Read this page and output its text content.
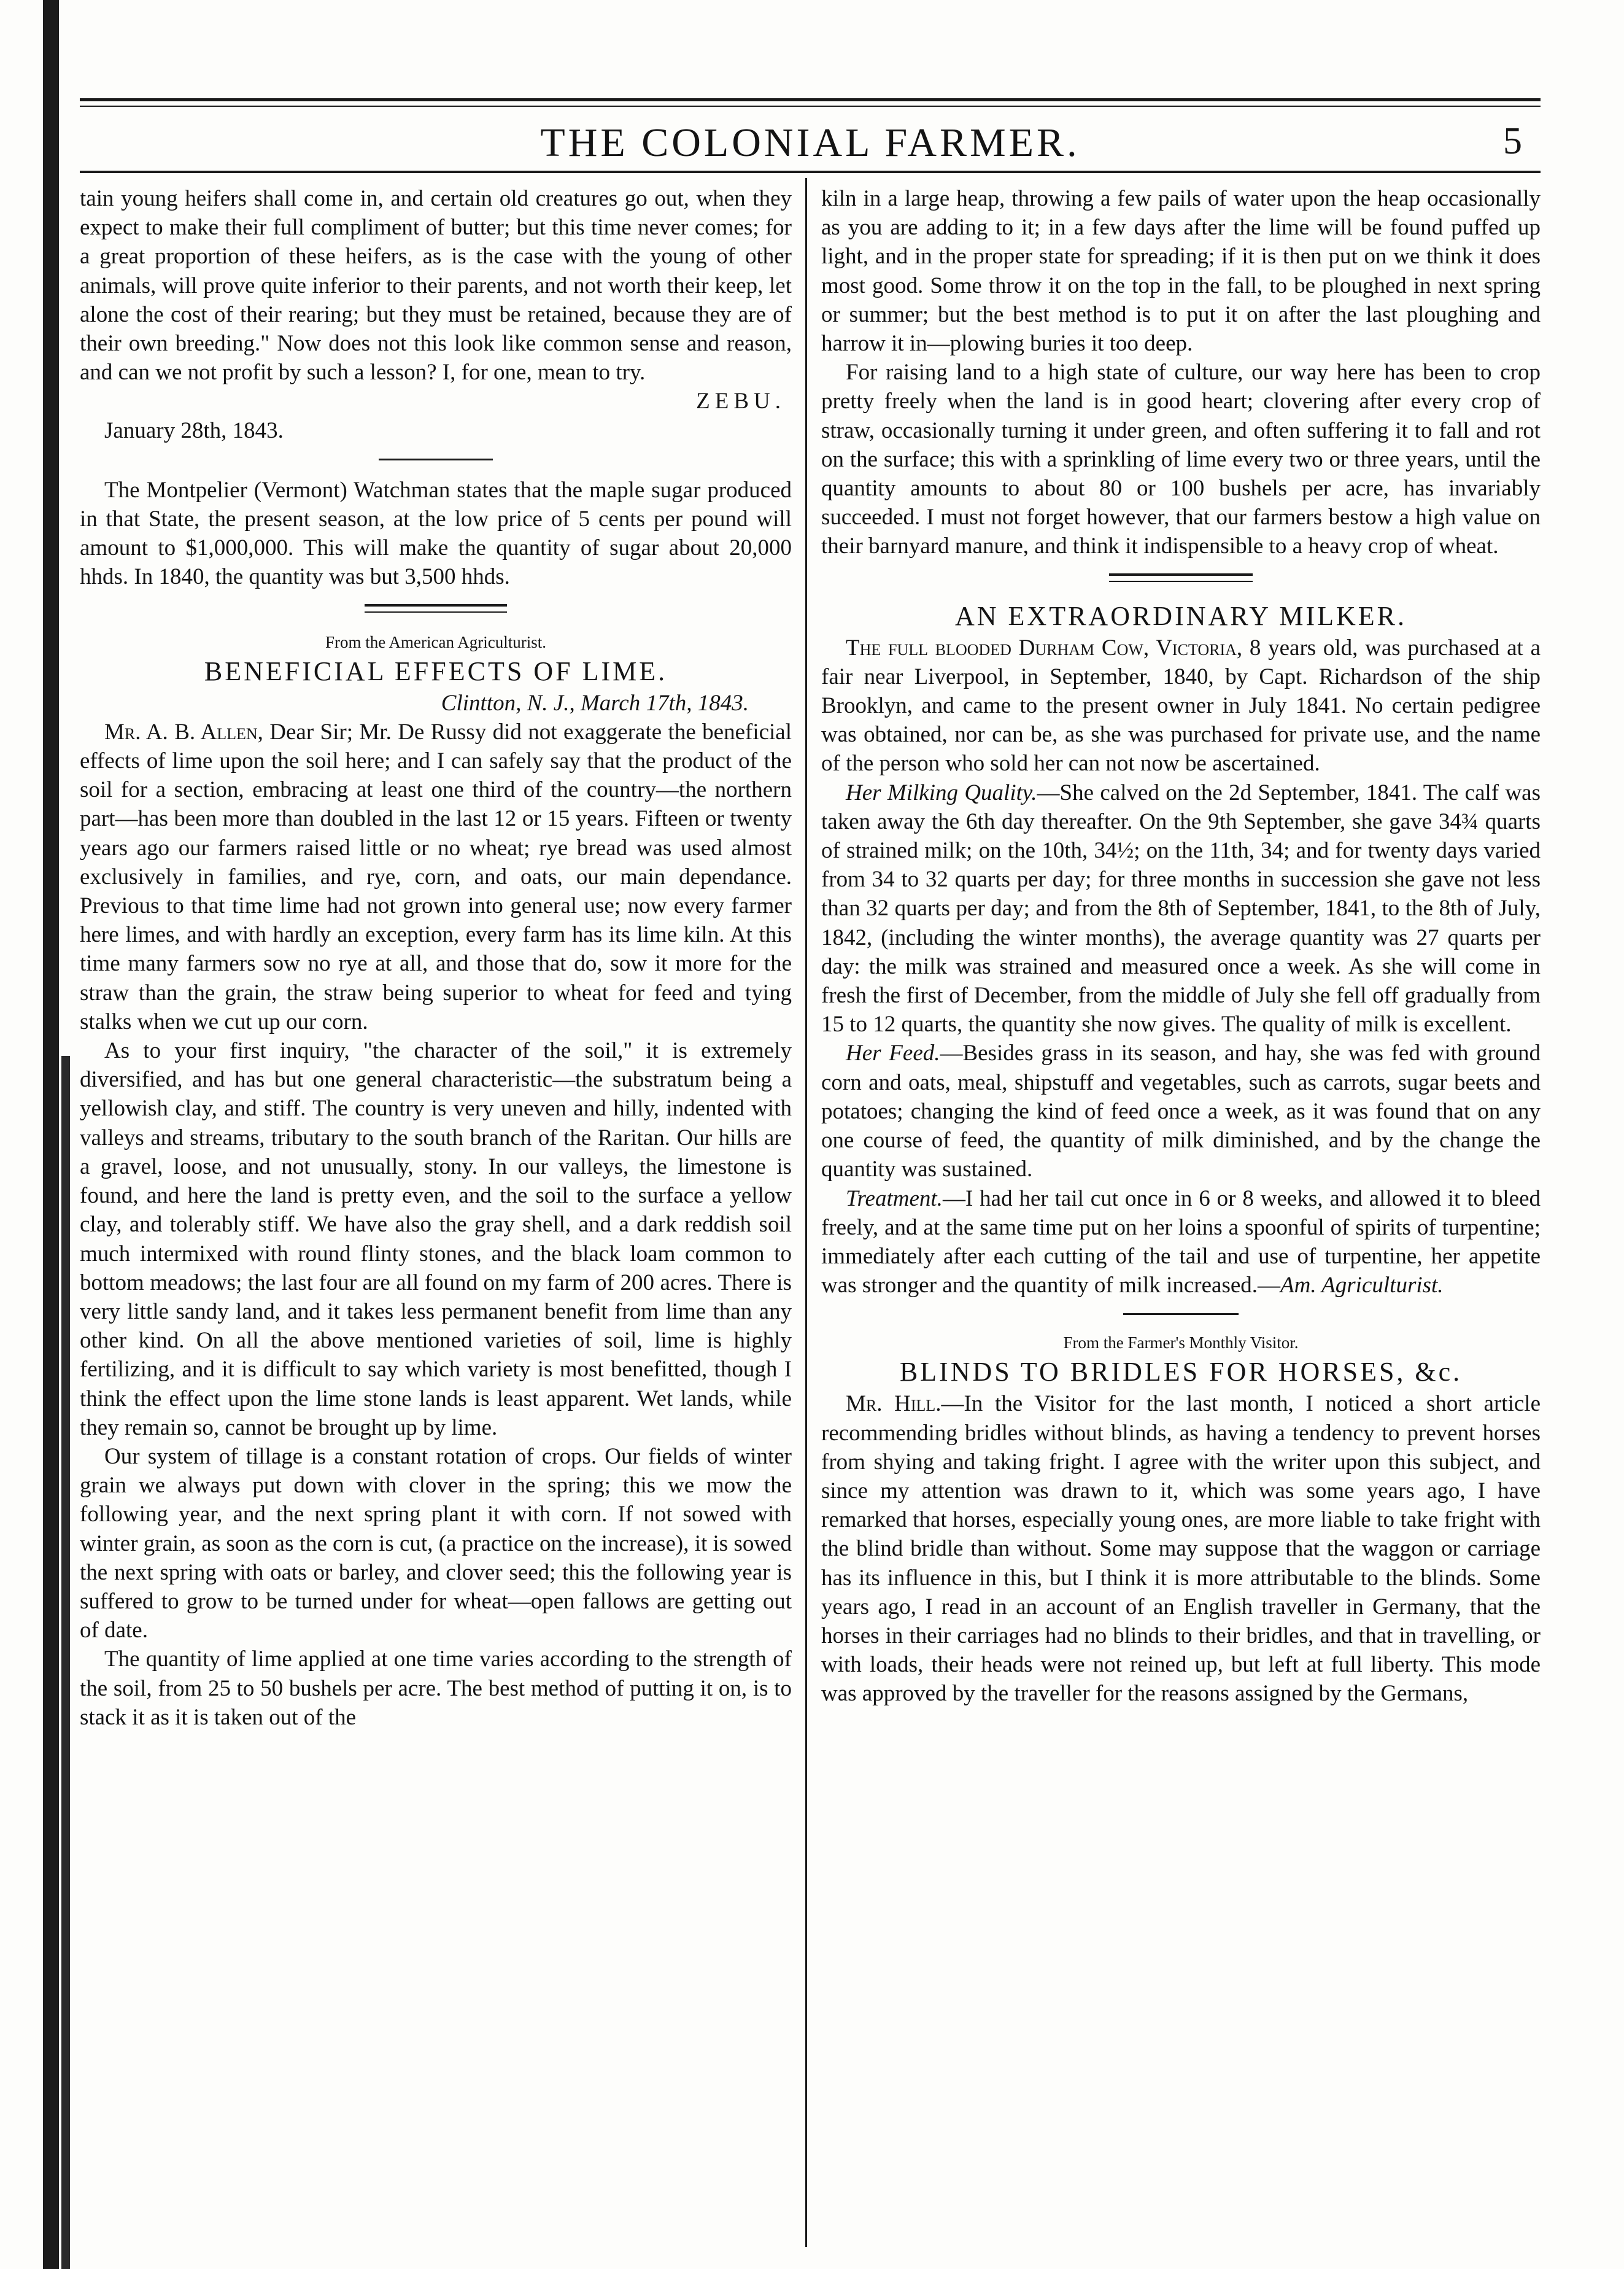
THE COLONIAL FARMER.	5

tain young heifers shall come in, and certain old creatures go out, when they expect to make their full compliment of butter; but this time never comes; for a great proportion of these heifers, as is the case with the young of other animals, will prove quite inferior to their parents, and not worth their keep, let alone the cost of their rearing; but they must be retained, because they are of their own breeding." Now does not this look like common sense and reason, and can we not profit by such a lesson? I, for one, mean to try.

ZEBU.

January 28th, 1843.

The Montpelier (Vermont) Watchman states that the maple sugar produced in that State, the present season, at the low price of 5 cents per pound will amount to $1,000,000. This will make the quantity of sugar about 20,000 hhds. In 1840, the quantity was but 3,500 hhds.

From the American Agriculturist.

BENEFICIAL EFFECTS OF LIME.

Clintton, N. J., March 17th, 1843.

Mr. A. B. Allen, Dear Sir; Mr. De Russy did not exaggerate the beneficial effects of lime upon the soil here; and I can safely say that the product of the soil for a section, embracing at least one third of the country—the northern part—has been more than doubled in the last 12 or 15 years. Fifteen or twenty years ago our farmers raised little or no wheat; rye bread was used almost exclusively in families, and rye, corn, and oats, our main dependance. Previous to that time lime had not grown into general use; now every farmer here limes, and with hardly an exception, every farm has its lime kiln. At this time many farmers sow no rye at all, and those that do, sow it more for the straw than the grain, the straw being superior to wheat for feed and tying stalks when we cut up our corn.

As to your first inquiry, "the character of the soil," it is extremely diversified, and has but one general characteristic—the substratum being a yellowish clay, and stiff. The country is very uneven and hilly, indented with valleys and streams, tributary to the south branch of the Raritan. Our hills are a gravel, loose, and not unusually, stony. In our valleys, the limestone is found, and here the land is pretty even, and the soil to the surface a yellow clay, and tolerably stiff. We have also the gray shell, and a dark reddish soil much intermixed with round flinty stones, and the black loam common to bottom meadows; the last four are all found on my farm of 200 acres. There is very little sandy land, and it takes less permanent benefit from lime than any other kind. On all the above mentioned varieties of soil, lime is highly fertilizing, and it is difficult to say which variety is most benefitted, though I think the effect upon the lime stone lands is least apparent. Wet lands, while they remain so, cannot be brought up by lime.

Our system of tillage is a constant rotation of crops. Our fields of winter grain we always put down with clover in the spring; this we mow the following year, and the next spring plant it with corn. If not sowed with winter grain, as soon as the corn is cut, (a practice on the increase), it is sowed the next spring with oats or barley, and clover seed; this the following year is suffered to grow to be turned under for wheat—open fallows are getting out of date.

The quantity of lime applied at one time varies according to the strength of the soil, from 25 to 50 bushels per acre. The best method of putting it on, is to stack it as it is taken out of the

kiln in a large heap, throwing a few pails of water upon the heap occasionally as you are adding to it; in a few days after the lime will be found puffed up light, and in the proper state for spreading; if it is then put on we think it does most good. Some throw it on the top in the fall, to be ploughed in next spring or summer; but the best method is to put it on after the last ploughing and harrow it in—plowing buries it too deep.

For raising land to a high state of culture, our way here has been to crop pretty freely when the land is in good heart; clovering after every crop of straw, occasionally turning it under green, and often suffering it to fall and rot on the surface; this with a sprinkling of lime every two or three years, until the quantity amounts to about 80 or 100 bushels per acre, has invariably succeeded. I must not forget however, that our farmers bestow a high value on their barnyard manure, and think it indispensible to a heavy crop of wheat.

AN EXTRAORDINARY MILKER.

The full blooded Durham Cow, Victoria, 8 years old, was purchased at a fair near Liverpool, in September, 1840, by Capt. Richardson of the ship Brooklyn, and came to the present owner in July 1841. No certain pedigree was obtained, nor can be, as she was purchased for private use, and the name of the person who sold her can not now be ascertained.

Her Milking Quality.—She calved on the 2d September, 1841. The calf was taken away the 6th day thereafter. On the 9th September, she gave 34¾ quarts of strained milk; on the 10th, 34½; on the 11th, 34; and for twenty days varied from 34 to 32 quarts per day; for three months in succession she gave not less than 32 quarts per day; and from the 8th of September, 1841, to the 8th of July, 1842, (including the winter months), the average quantity was 27 quarts per day: the milk was strained and measured once a week. As she will come in fresh the first of December, from the middle of July she fell off gradually from 15 to 12 quarts, the quantity she now gives. The quality of milk is excellent.

Her Feed.—Besides grass in its season, and hay, she was fed with ground corn and oats, meal, shipstuff and vegetables, such as carrots, sugar beets and potatoes; changing the kind of feed once a week, as it was found that on any one course of feed, the quantity of milk diminished, and by the change the quantity was sustained.

Treatment.—I had her tail cut once in 6 or 8 weeks, and allowed it to bleed freely, and at the same time put on her loins a spoonful of spirits of turpentine; immediately after each cutting of the tail and use of turpentine, her appetite was stronger and the quantity of milk increased.—Am. Agriculturist.

From the Farmer's Monthly Visitor.

BLINDS TO BRIDLES FOR HORSES, &c.

Mr. Hill.—In the Visitor for the last month, I noticed a short article recommending bridles without blinds, as having a tendency to prevent horses from shying and taking fright. I agree with the writer upon this subject, and since my attention was drawn to it, which was some years ago, I have remarked that horses, especially young ones, are more liable to take fright with the blind bridle than without. Some may suppose that the waggon or carriage has its influence in this, but I think it is more attributable to the blinds. Some years ago, I read in an account of an English traveller in Germany, that the horses in their carriages had no blinds to their bridles, and that in travelling, or with loads, their heads were not reined up, but left at full liberty. This mode was approved by the traveller for the reasons assigned by the Germans,
